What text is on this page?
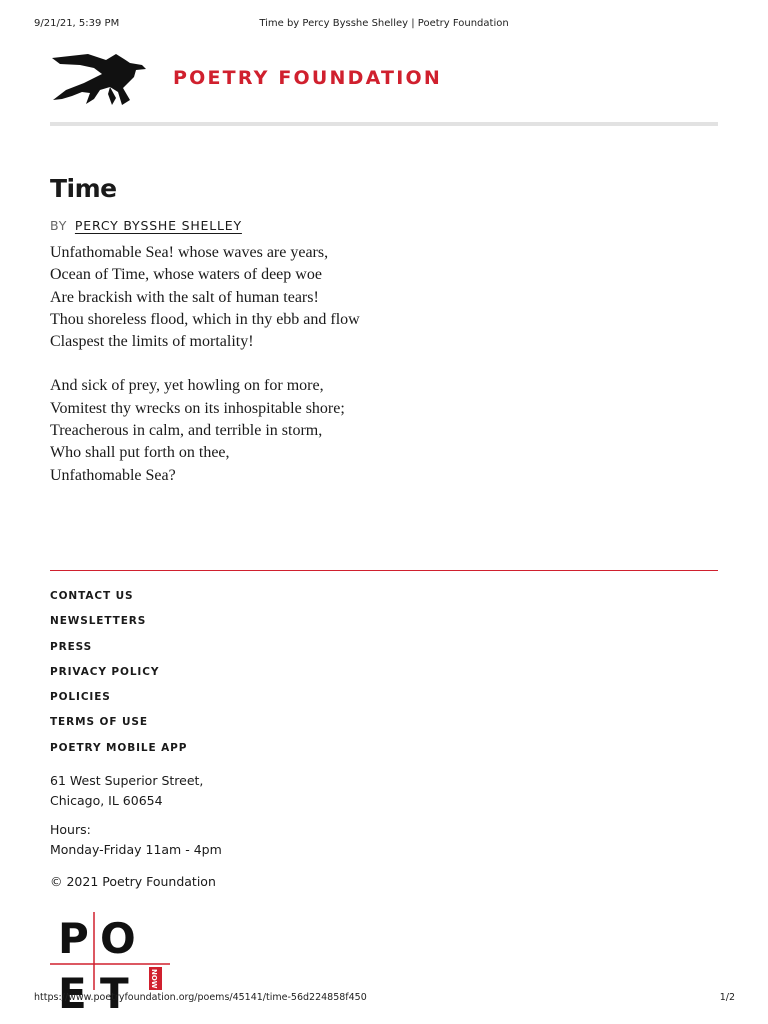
9/21/21, 5:39 PM	Time by Percy Bysshe Shelley | Poetry Foundation
POETRY FOUNDATION
Time
BY PERCY BYSSHE SHELLEY

Unfathomable Sea! whose waves are years,
Ocean of Time, whose waters of deep woe
Are brackish with the salt of human tears!
Thou shoreless flood, which in thy ebb and flow
Claspest the limits of mortality!

And sick of prey, yet howling on for more,
Vomitest thy wrecks on its inhospitable shore;
Treacherous in calm, and terrible in storm,
Who shall put forth on thee,
Unfathomable Sea?

CONTACT US
NEWSLETTERS
PRESS
PRIVACY POLICY
POLICIES
TERMS OF USE
POETRY MOBILE APP
61 West Superior Street,
Chicago, IL 60654
Hours:
Monday-Friday 11am - 4pm
© 2021 Poetry Foundation
P O
E T	NOW
https://www.poetryfoundation.org/poems/45141/time-56d224858f450	1/2
